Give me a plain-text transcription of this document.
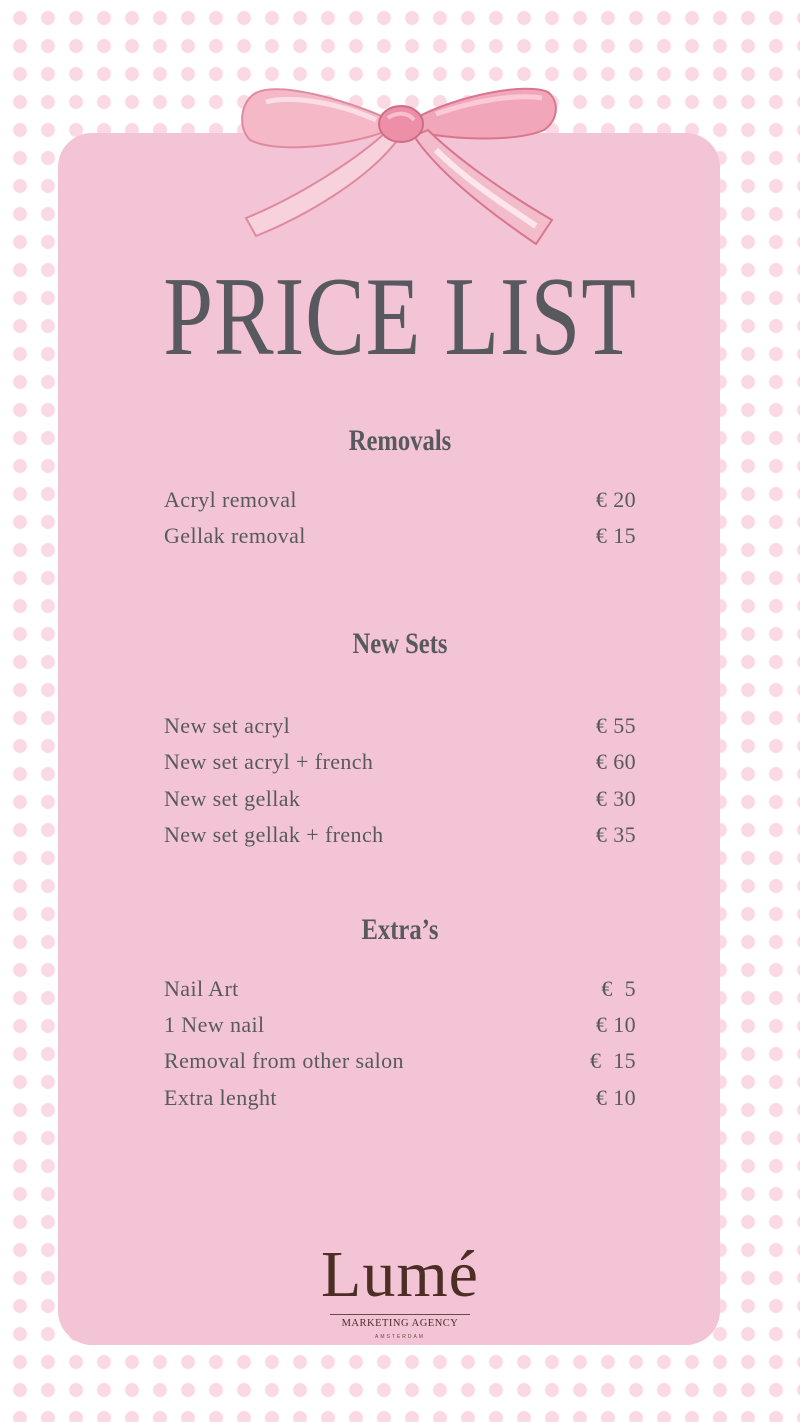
PRICE LIST
Removals
Acryl removal	€ 20
Gellak removal	€ 15
New Sets
New set acryl	€ 55
New set acryl + french	€ 60
New set gellak	€ 30
New set gellak + french	€ 35
Extra’s
Nail Art	€  5
1 New nail	€ 10
Removal from other salon	€  15
Extra lenght	€ 10
Lumé
MARKETING AGENCY
AMSTERDAM
